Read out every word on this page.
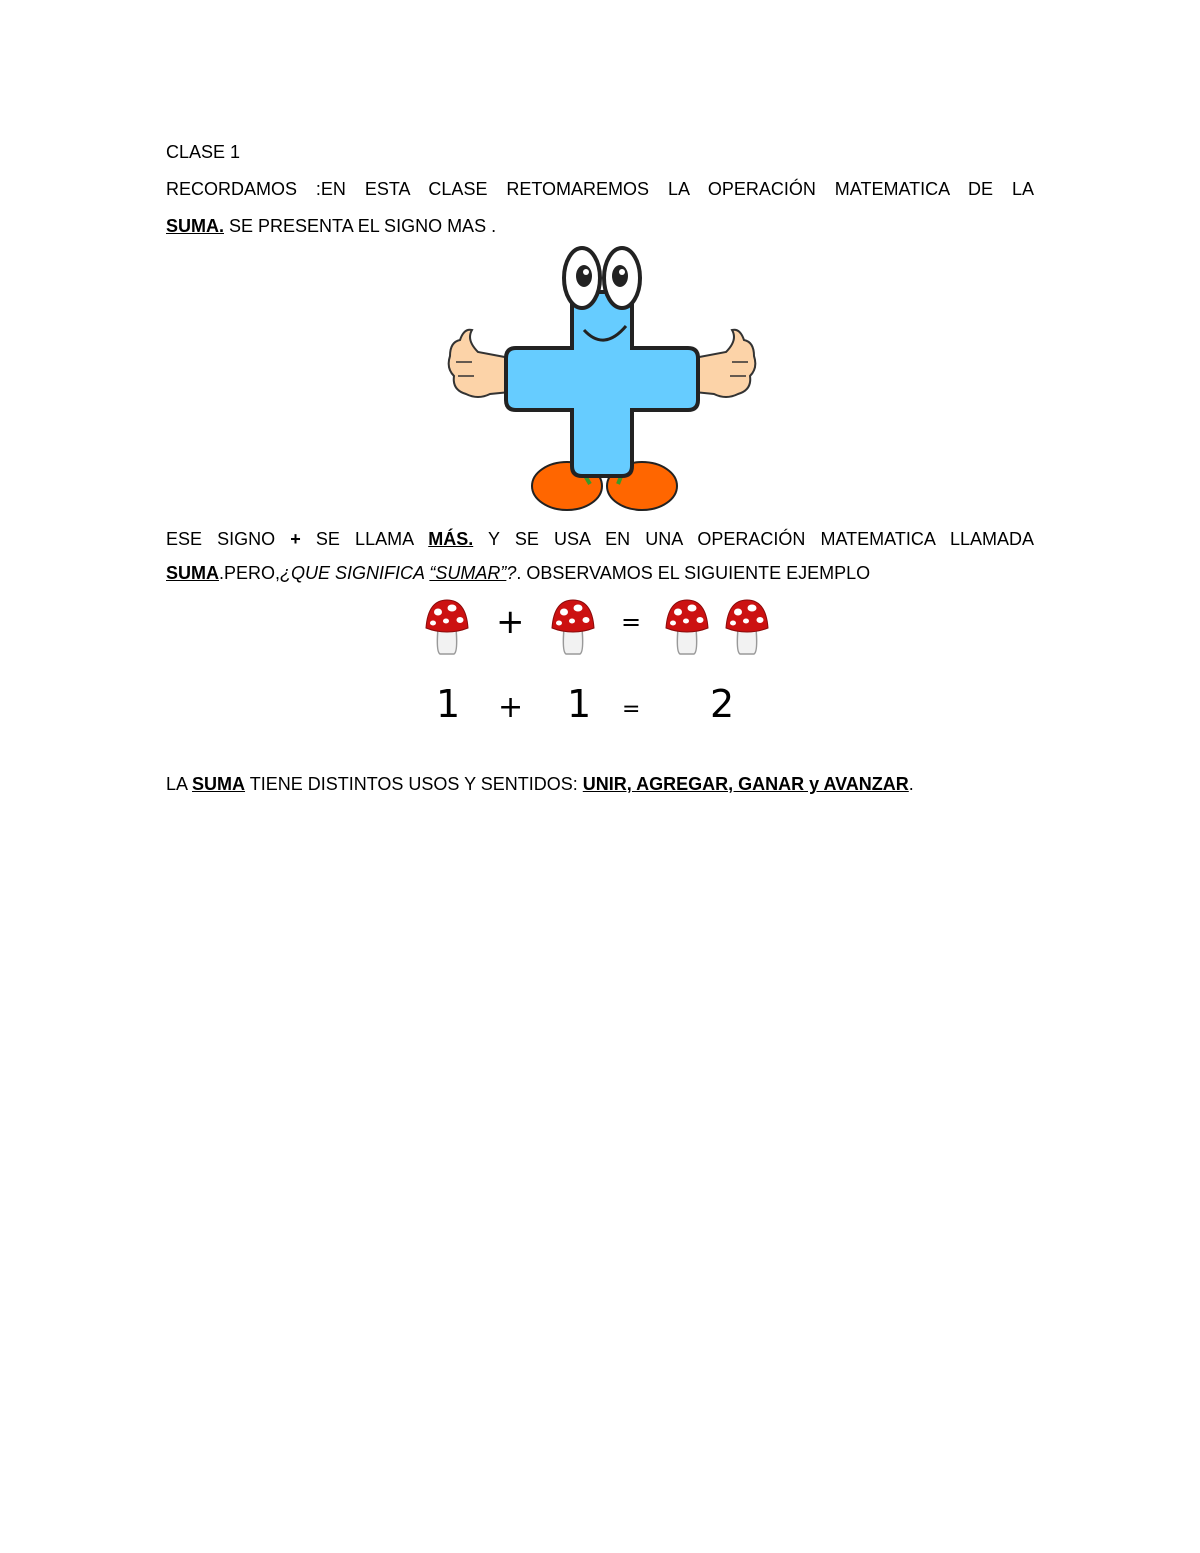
CLASE 1
RECORDAMOS :EN ESTA CLASE RETOMAREMOS LA OPERACIÓN MATEMATICA DE LA
SUMA. SE PRESENTA EL SIGNO MAS .
ESE SIGNO + SE LLAMA MÁS. Y SE USA EN UNA OPERACIÓN MATEMATICA LLAMADA
SUMA.PERO,¿QUE SIGNIFICA “SUMAR”?. OBSERVAMOS EL SIGUIENTE EJEMPLO
+	=
1 + 1 = 2
LA SUMA TIENE DISTINTOS USOS Y SENTIDOS: UNIR, AGREGAR, GANAR y AVANZAR.
